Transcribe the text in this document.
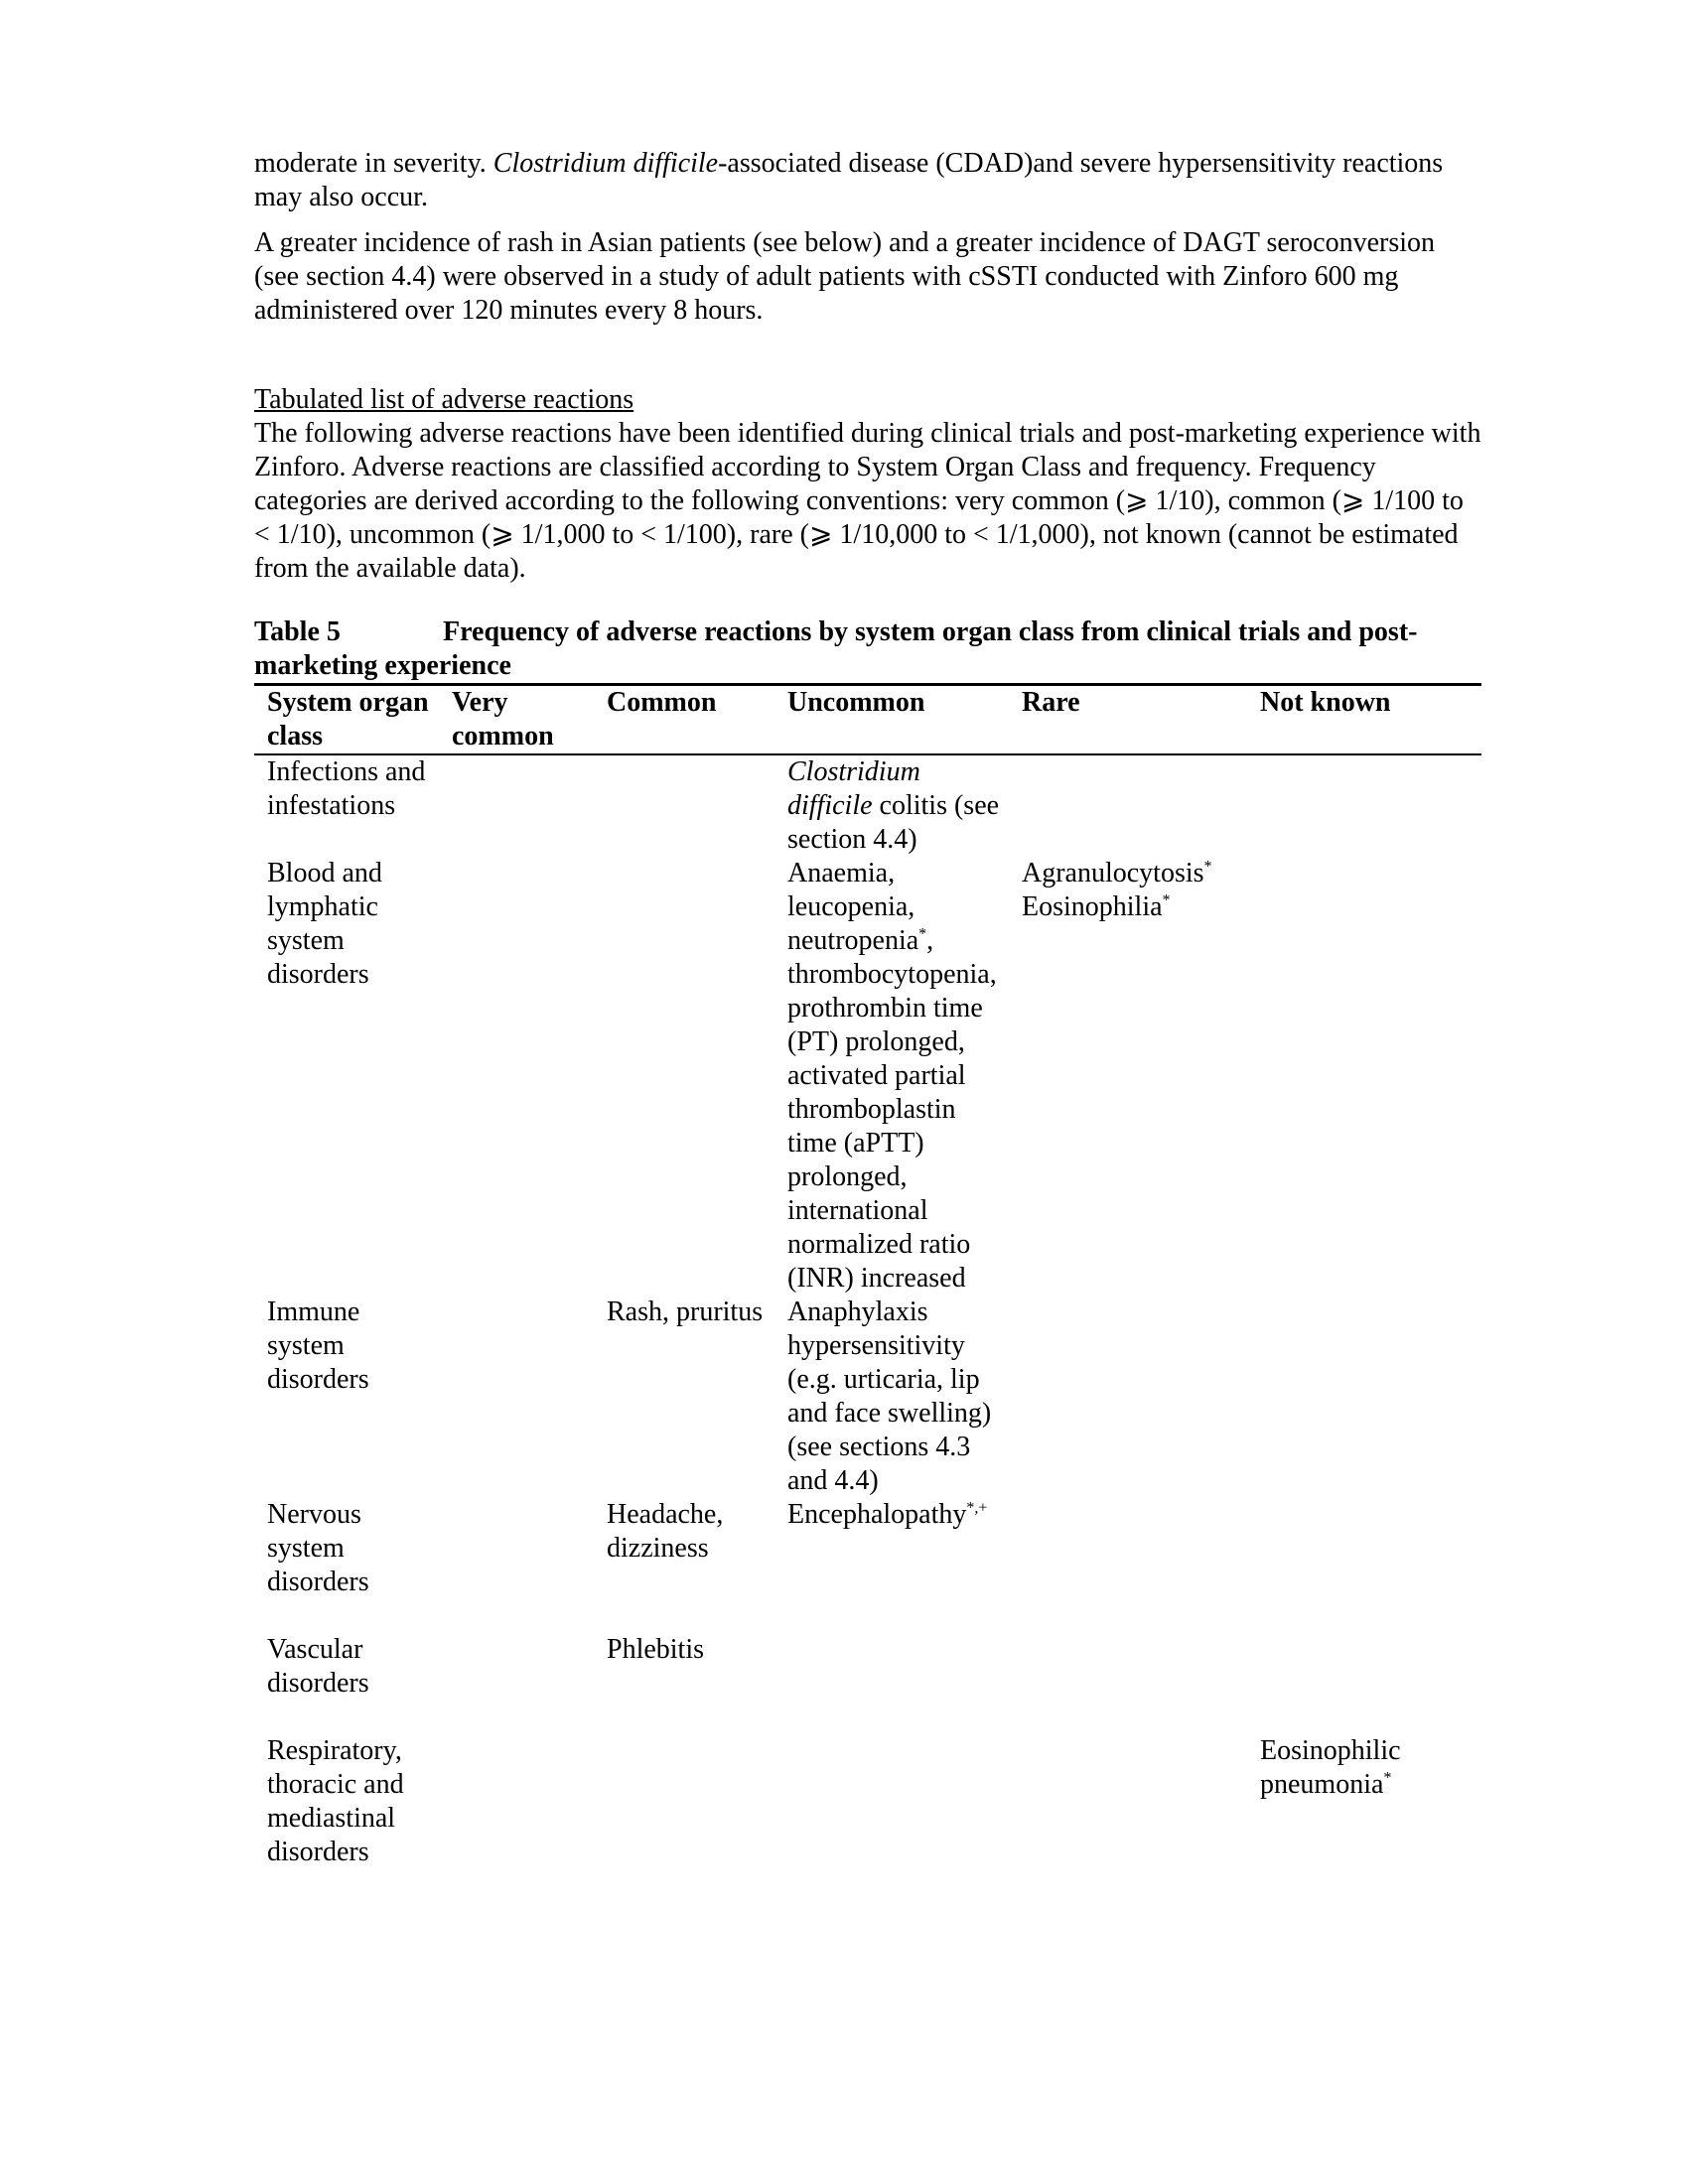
moderate in severity. Clostridium difficile-associated disease (CDAD)and severe hypersensitivity reactions may also occur.

A greater incidence of rash in Asian patients (see below) and a greater incidence of DAGT seroconversion (see section 4.4) were observed in a study of adult patients with cSSTI conducted with Zinforo 600 mg administered over 120 minutes every 8 hours.

Tabulated list of adverse reactions

The following adverse reactions have been identified during clinical trials and post-marketing experience with Zinforo. Adverse reactions are classified according to System Organ Class and frequency. Frequency categories are derived according to the following conventions: very common (⩾ 1/10), common (⩾ 1/100 to < 1/10), uncommon (⩾ 1/1,000 to < 1/100), rare (⩾ 1/10,000 to < 1/1,000), not known (cannot be estimated from the available data).

Table 5	Frequency of adverse reactions by system organ class from clinical trials and post-marketing experience

System organ class	Very common	Common	Uncommon	Rare	Not known
Infections and infestations			Clostridium difficile colitis (see section 4.4)		
Blood and lymphatic system disorders			Anaemia, leucopenia, neutropenia*, thrombocytopenia, prothrombin time (PT) prolonged, activated partial thromboplastin time (aPTT) prolonged, international normalized ratio (INR) increased	Agranulocytosis*
Eosinophilia*	
Immune system disorders		Rash, pruritus	Anaphylaxis hypersensitivity (e.g. urticaria, lip and face swelling) (see sections 4.3 and 4.4)		
Nervous system disorders		Headache, dizziness	Encephalopathy*,+		

Vascular disorders		Phlebitis			

Respiratory, thoracic and mediastinal disorders					Eosinophilic pneumonia*
